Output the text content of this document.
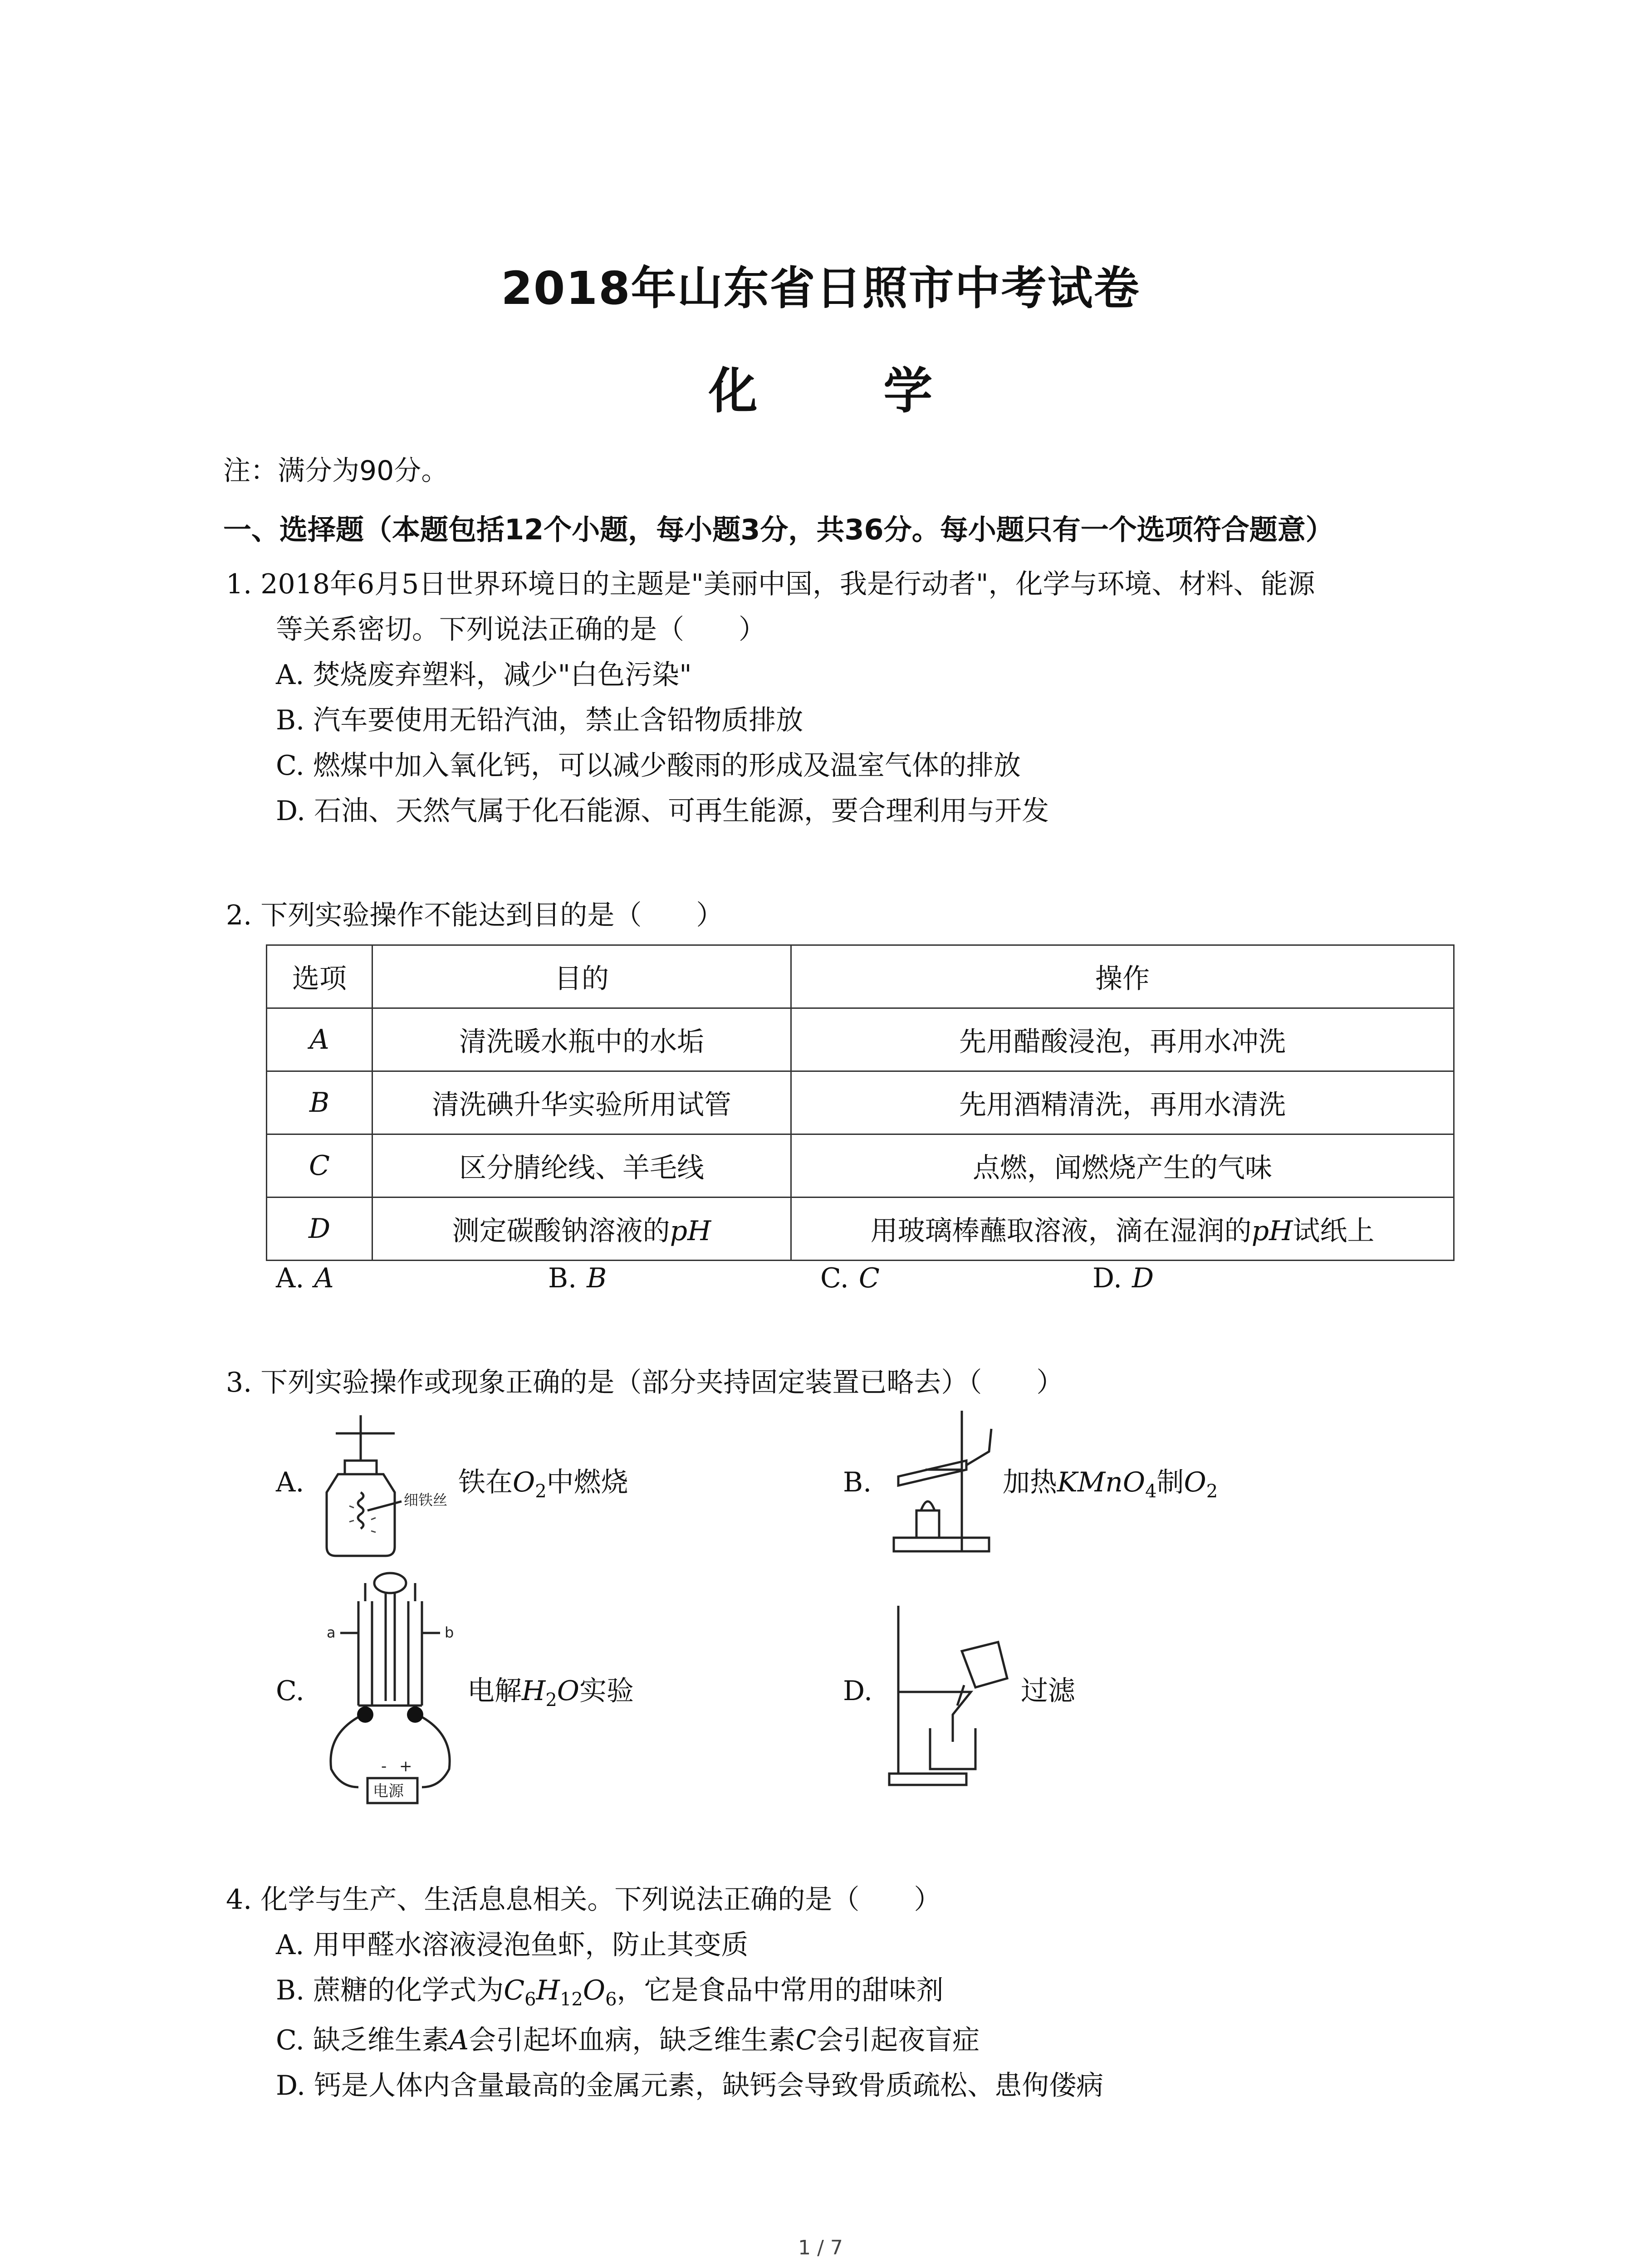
2018年山东省日照市中考试卷
化 学
注：满分为90分。
一、选择题（本题包括12个小题，每小题3分，共36分。每小题只有一个选项符合题意）
1. 2018年6月5日世界环境日的主题是"美丽中国，我是行动者"，化学与环境、材料、能源
等关系密切。下列说法正确的是（　　）
A. 焚烧废弃塑料，减少"白色污染"
B. 汽车要使用无铅汽油，禁止含铅物质排放
C. 燃煤中加入氧化钙，可以减少酸雨的形成及温室气体的排放
D. 石油、天然气属于化石能源、可再生能源，要合理利用与开发
2. 下列实验操作不能达到目的是（　　）
选项	目的	操作
A	清洗暖水瓶中的水垢	先用醋酸浸泡，再用水冲洗
B	清洗碘升华实验所用试管	先用酒精清洗，再用水清洗
C	区分腈纶线、羊毛线	点燃，闻燃烧产生的气味
D	测定碳酸钠溶液的pH	用玻璃棒蘸取溶液，滴在湿润的pH试纸上
A. A	B. B	C. C	D. D
3. 下列实验操作或现象正确的是（部分夹持固定装置已略去）（　　）
A.
细铁丝
铁在$O_2$中燃烧	B.	加热KMnO$_4$制$O_2$
C.
a	b
- +
电源
电解$H_2O$实验	D.	过滤
4. 化学与生产、生活息息相关。下列说法正确的是（　　）
A. 用甲醛水溶液浸泡鱼虾，防止其变质
B. 蔗糖的化学式为$C_6H_{12}O_6$，它是食品中常用的甜味剂
C. 缺乏维生素A会引起坏血病，缺乏维生素C会引起夜盲症
D. 钙是人体内含量最高的金属元素，缺钙会导致骨质疏松、患佝偻病
1 / 7
